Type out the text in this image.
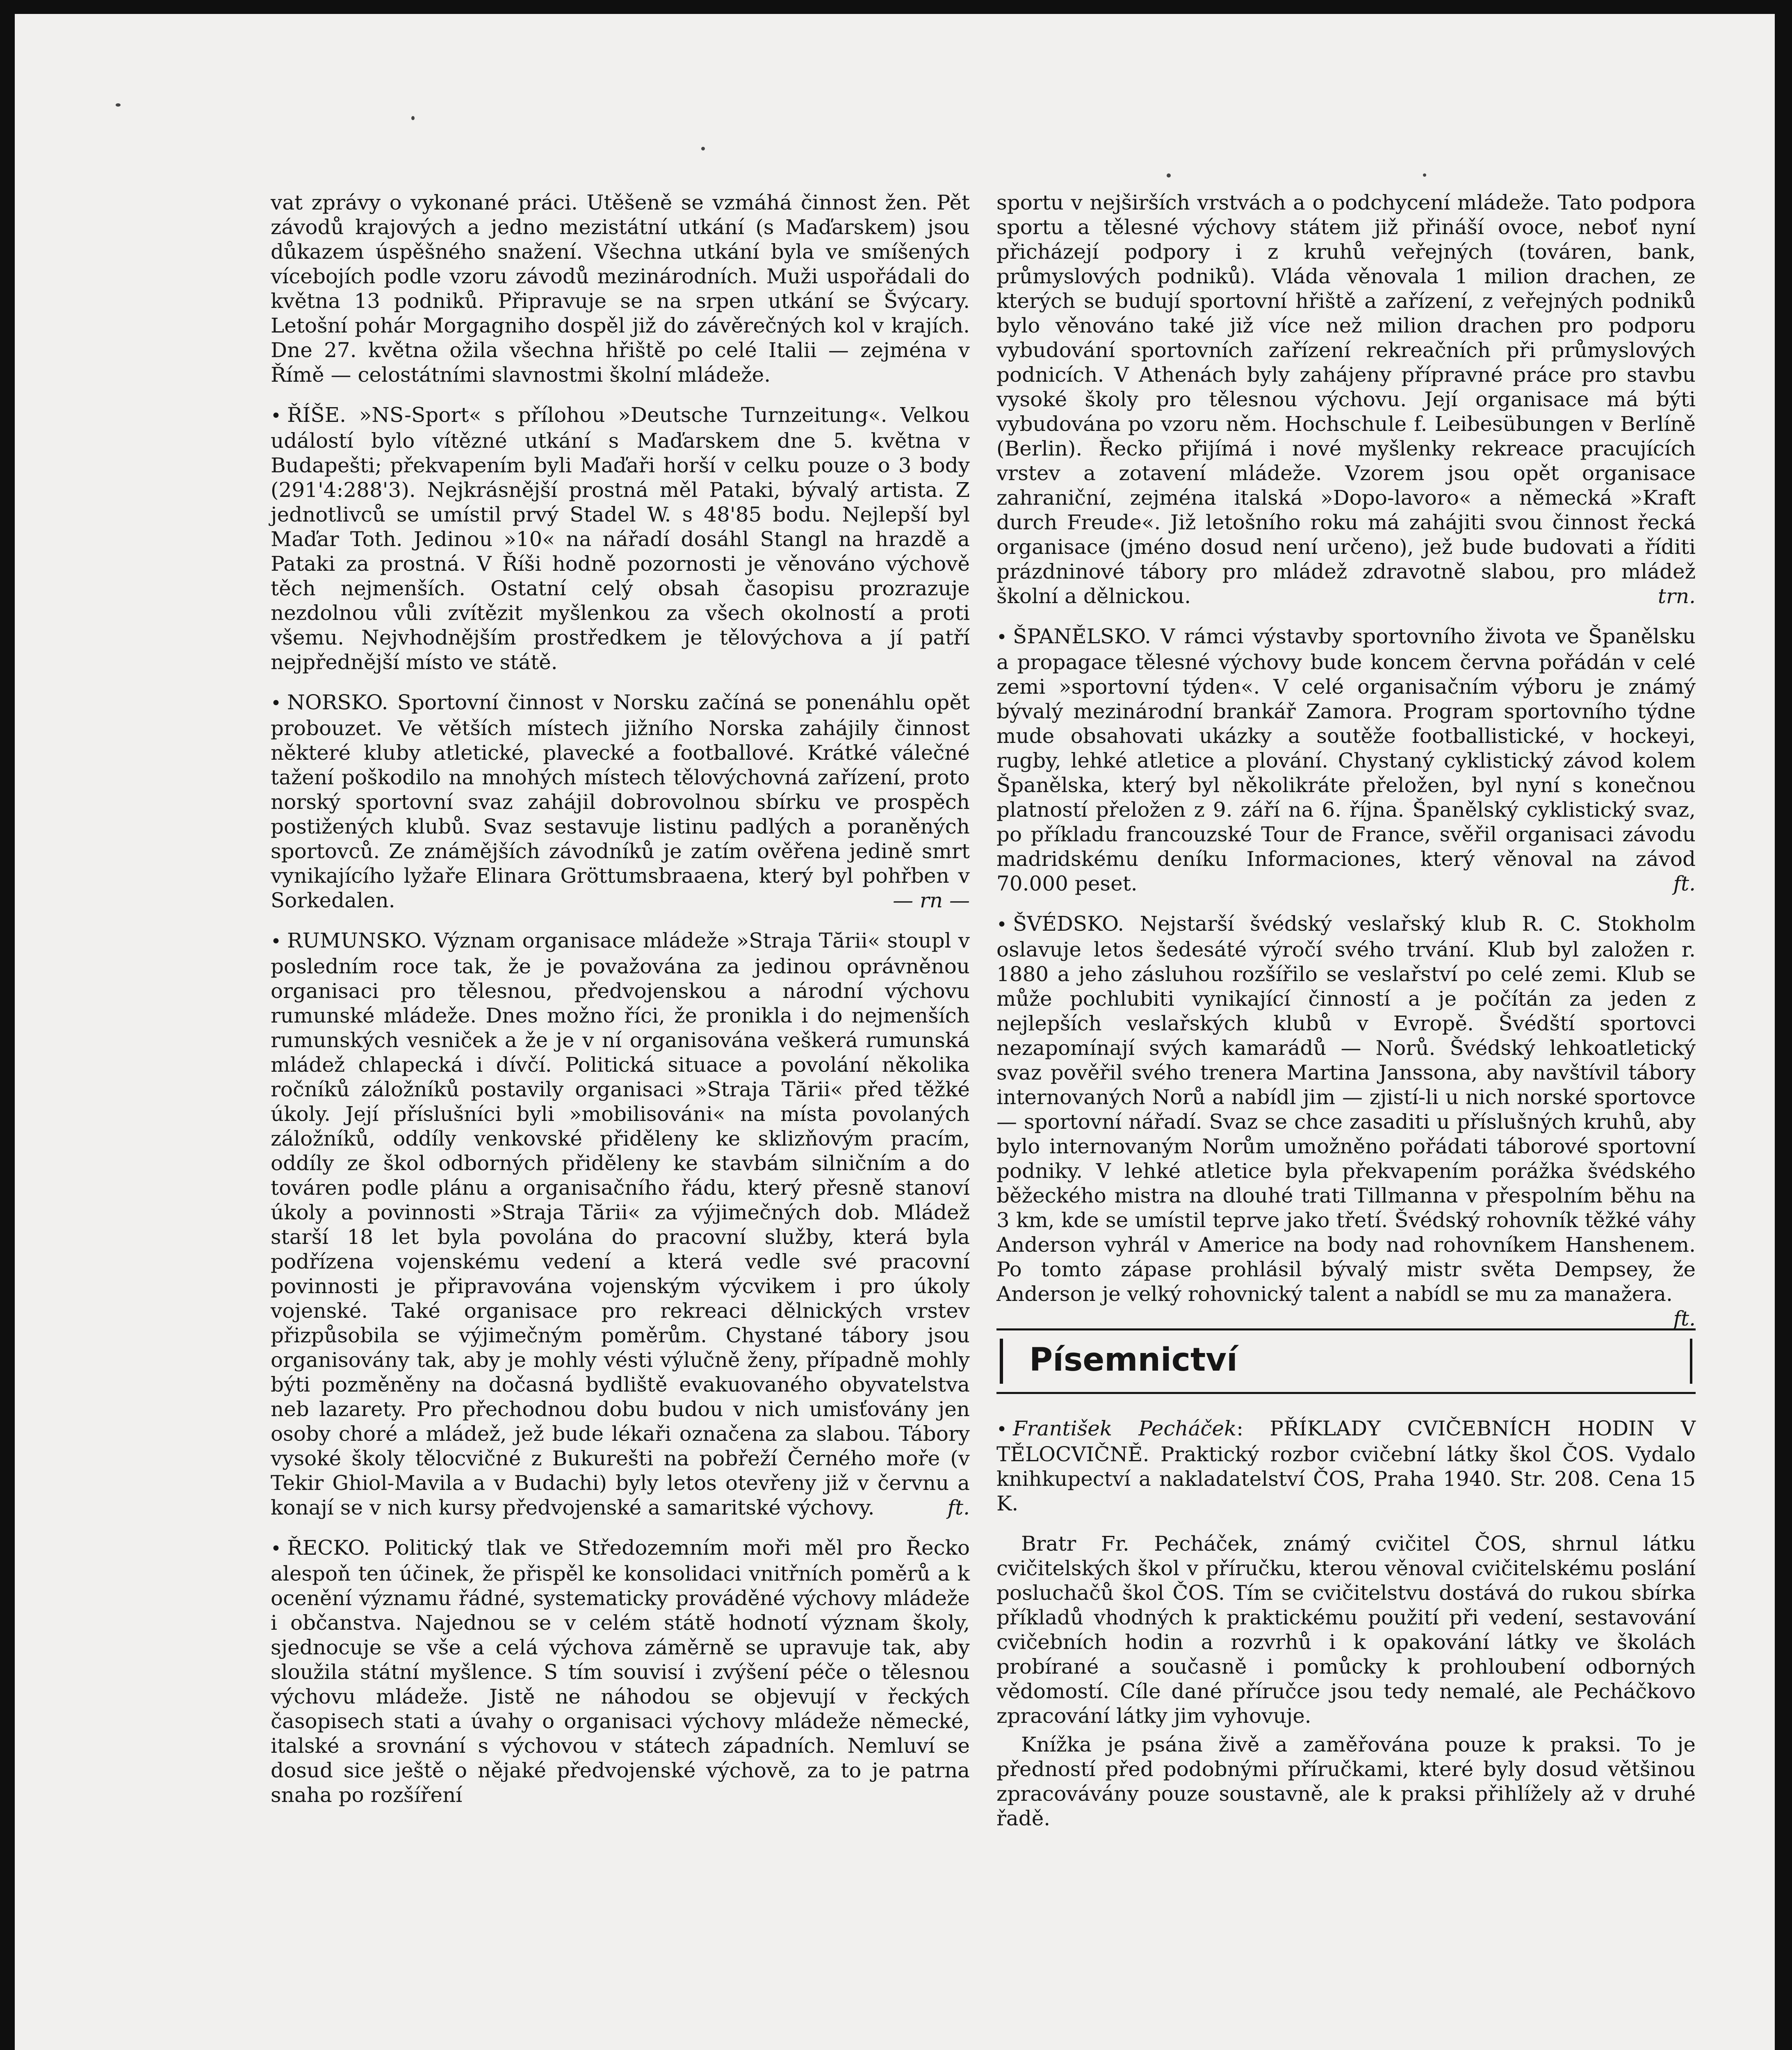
vat zprávy o vykonané práci. Utěšeně se vzmáhá činnost žen. Pět závodů krajových a jedno mezistátní utkání (s Maďarskem) jsou důkazem úspěšného snažení. Všechna utkání byla ve smíšených vícebojích podle vzoru závodů mezinárodních. Muži uspořádali do května 13 podniků. Připravuje se na srpen utkání se Švýcary. Letošní pohár Morgagniho dospěl již do závěrečných kol v krajích. Dne 27. května ožila všechna hřiště po celé Italii — zejména v Římě — celostátními slavnostmi školní mládeže.

• ŘÍŠE. »NS-Sport« s přílohou »Deutsche Turnzeitung«. Velkou událostí bylo vítězné utkání s Maďarskem dne 5. května v Budapešti; překvapením byli Maďaři horší v celku pouze o 3 body (291'4:288'3). Nejkrásnější prostná měl Pataki, bývalý artista. Z jednotlivců se umístil prvý Stadel W. s 48'85 bodu. Nejlepší byl Maďar Toth. Jedinou »10« na nářadí dosáhl Stangl na hrazdě a Pataki za prostná. V Říši hodně pozornosti je věnováno výchově těch nejmenších. Ostatní celý obsah časopisu prozrazuje nezdolnou vůli zvítězit myšlenkou za všech okolností a proti všemu. Nejvhodnějším prostředkem je tělovýchova a jí patří nejpřednější místo ve státě.

• NORSKO. Sportovní činnost v Norsku začíná se ponenáhlu opět probouzet. Ve větších místech jižního Norska zahájily činnost některé kluby atletické, plavecké a footballové. Krátké válečné tažení poškodilo na mnohých místech tělovýchovná zařízení, proto norský sportovní svaz zahájil dobrovolnou sbírku ve prospěch postižených klubů. Svaz sestavuje listinu padlých a poraněných sportovců. Ze známějších závodníků je zatím ověřena jedině smrt vynikajícího lyžaře Elinara Gröttumsbraaena, který byl pohřben v Sorkedalen.	— rn —

• RUMUNSKO. Význam organisace mládeže »Straja Tării« stoupl v posledním roce tak, že je považována za jedinou oprávněnou organisaci pro tělesnou, předvojenskou a národní výchovu rumunské mládeže. Dnes možno říci, že pronikla i do nejmenších rumunských vesniček a že je v ní organisována veškerá rumunská mládež chlapecká i dívčí. Politická situace a povolání několika ročníků záložníků postavily organisaci »Straja Tării« před těžké úkoly. Její příslušníci byli »mobilisováni« na místa povolaných záložníků, oddíly venkovské přiděleny ke sklizňovým pracím, oddíly ze škol odborných přiděleny ke stavbám silničním a do továren podle plánu a organisačního řádu, který přesně stanoví úkoly a povinnosti »Straja Tării« za výjimečných dob. Mládež starší 18 let byla povolána do pracovní služby, která byla podřízena vojenskému vedení a která vedle své pracovní povinnosti je připravována vojenským výcvikem i pro úkoly vojenské. Také organisace pro rekreaci dělnických vrstev přizpůsobila se výjimečným poměrům. Chystané tábory jsou organisovány tak, aby je mohly vésti výlučně ženy, případně mohly býti pozměněny na dočasná bydliště evakuovaného obyvatelstva neb lazarety. Pro přechodnou dobu budou v nich umisťovány jen osoby choré a mládež, jež bude lékaři označena za slabou. Tábory vysoké školy tělocvičné z Bukurešti na pobřeží Černého moře (v Tekir Ghiol-Mavila a v Budachi) byly letos otevřeny již v červnu a konají se v nich kursy předvojenské a samaritské výchovy.	ft.

• ŘECKO. Politický tlak ve Středozemním moři měl pro Řecko alespoň ten účinek, že přispěl ke konsolidaci vnitřních poměrů a k ocenění významu řádné, systematicky prováděné výchovy mládeže i občanstva. Najednou se v celém státě hodnotí význam školy, sjednocuje se vše a celá výchova záměrně se upravuje tak, aby sloužila státní myšlence. S tím souvisí i zvýšení péče o tělesnou výchovu mládeže. Jistě ne náhodou se objevují v řeckých časopisech stati a úvahy o organisaci výchovy mládeže německé, italské a srovnání s výchovou v státech západních. Nemluví se dosud sice ještě o nějaké předvojenské výchově, za to je patrna snaha po rozšíření

sportu v nejširších vrstvách a o podchycení mládeže. Tato podpora sportu a tělesné výchovy státem již přináší ovoce, neboť nyní přicházejí podpory i z kruhů veřejných (továren, bank, průmyslových podniků). Vláda věnovala 1 milion drachen, ze kterých se budují sportovní hřiště a zařízení, z veřejných podniků bylo věnováno také již více než milion drachen pro podporu vybudování sportovních zařízení rekreačních při průmyslových podnicích. V Athenách byly zahájeny přípravné práce pro stavbu vysoké školy pro tělesnou výchovu. Její organisace má býti vybudována po vzoru něm. Hochschule f. Leibesübungen v Berlíně (Berlin). Řecko přijímá i nové myšlenky rekreace pracujících vrstev a zotavení mládeže. Vzorem jsou opět organisace zahraniční, zejména italská »Dopo-lavoro« a německá »Kraft durch Freude«. Již letošního roku má zahájiti svou činnost řecká organisace (jméno dosud není určeno), jež bude budovati a říditi prázdninové tábory pro mládež zdravotně slabou, pro mládež školní a dělnickou.	trn.

• ŠPANĚLSKO. V rámci výstavby sportovního života ve Španělsku a propagace tělesné výchovy bude koncem června pořádán v celé zemi »sportovní týden«. V celé organisačním výboru je známý bývalý mezinárodní brankář Zamora. Program sportovního týdne mude obsahovati ukázky a soutěže footballistické, v hockeyi, rugby, lehké atletice a plování. Chystaný cyklistický závod kolem Španělska, který byl několikráte přeložen, byl nyní s konečnou platností přeložen z 9. září na 6. října. Španělský cyklistický svaz, po příkladu francouzské Tour de France, svěřil organisaci závodu madridskému deníku Informaciones, který věnoval na závod 70.000 peset.	ft.

• ŠVÉDSKO. Nejstarší švédský veslařský klub R. C. Stokholm oslavuje letos šedesáté výročí svého trvání. Klub byl založen r. 1880 a jeho zásluhou rozšířilo se veslařství po celé zemi. Klub se může pochlubiti vynikající činností a je počítán za jeden z nejlepších veslařských klubů v Evropě. Švédští sportovci nezapomínají svých kamarádů — Norů. Švédský lehkoatletický svaz pověřil svého trenera Martina Janssona, aby navštívil tábory internovaných Norů a nabídl jim — zjistí-li u nich norské sportovce — sportovní nářadí. Svaz se chce zasaditi u příslušných kruhů, aby bylo internovaným Norům umožněno pořádati táborové sportovní podniky. V lehké atletice byla překvapením porážka švédského běžeckého mistra na dlouhé trati Tillmanna v přespolním běhu na 3 km, kde se umístil teprve jako třetí. Švédský rohovník těžké váhy Anderson vyhrál v Americe na body nad rohovníkem Hanshenem. Po tomto zápase prohlásil bývalý mistr světa Dempsey, že Anderson je velký rohovnický talent a nabídl se mu za manažera.
ft.

Písemnictví

• František Pecháček: PŘÍKLADY CVIČEBNÍCH HODIN V TĚLOCVIČNĚ. Praktický rozbor cvičební látky škol ČOS. Vydalo knihkupectví a nakladatelství ČOS, Praha 1940. Str. 208. Cena 15 K.

Bratr Fr. Pecháček, známý cvičitel ČOS, shrnul látku cvičitelských škol v příručku, kterou věnoval cvičitelskému poslání posluchačů škol ČOS. Tím se cvičitelstvu dostává do rukou sbírka příkladů vhodných k praktickému použití při vedení, sestavování cvičebních hodin a rozvrhů i k opakování látky ve školách probírané a současně i pomůcky k prohloubení odborných vědomostí. Cíle dané příručce jsou tedy nemalé, ale Pecháčkovo zpracování látky jim vyhovuje.

Knížka je psána živě a zaměřována pouze k praksi. To je předností před podobnými příručkami, které byly dosud většinou zpracovávány pouze soustavně, ale k praksi přihlížely až v druhé řadě.
